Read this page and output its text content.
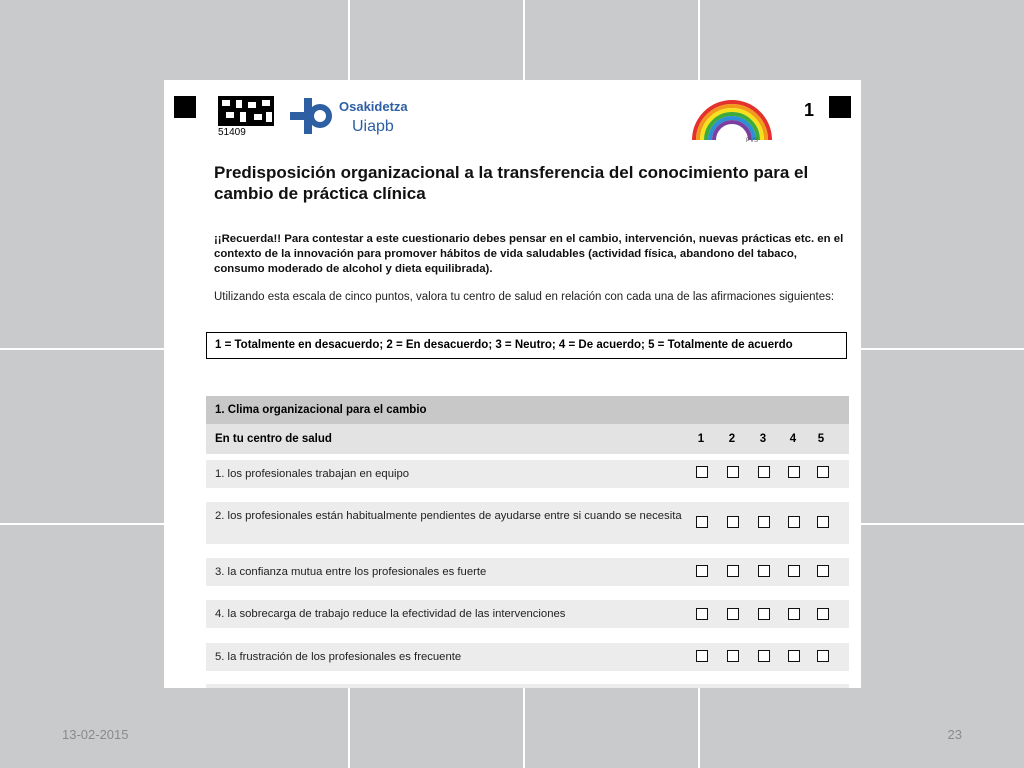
51409
Osakidetza
Uiapb
PVS
1
Predisposición organizacional a la transferencia del conocimiento para el cambio de práctica clínica
¡¡Recuerda!! Para contestar a este cuestionario debes pensar en el cambio, intervención, nuevas prácticas etc. en el contexto de la innovación para promover hábitos de vida saludables (actividad física, abandono del tabaco, consumo moderado de alcohol y dieta equilibrada).
Utilizando esta escala de cinco puntos, valora tu centro de salud en relación con cada una de las afirmaciones siguientes:
1 = Totalmente en desacuerdo; 2 = En desacuerdo; 3 = Neutro; 4 = De acuerdo; 5 = Totalmente de acuerdo
1. Clima organizacional para el cambio
En tu centro de salud	1	2	3	4	5
1. los profesionales trabajan en equipo
2. los profesionales están habitualmente pendientes de ayudarse entre si cuando se necesita
3. la confianza mutua entre los profesionales es fuerte
4. la sobrecarga de trabajo reduce la efectividad de las intervenciones
5. la frustración de los profesionales es frecuente
13-02-2015	23
